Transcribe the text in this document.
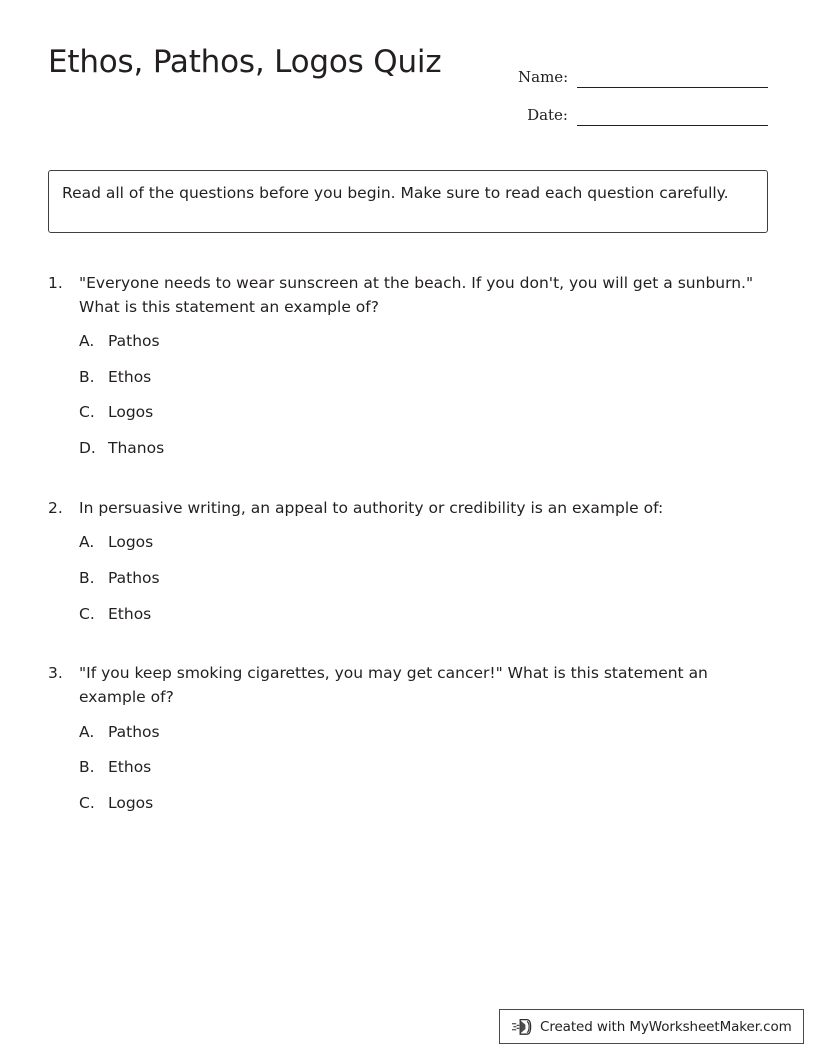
Ethos, Pathos, Logos Quiz	Name:
Date:
Read all of the questions before you begin. Make sure to read each question carefully.
1.	"Everyone needs to wear sunscreen at the beach. If you don't, you will get a sunburn." What is this statement an example of?
A. Pathos
B. Ethos
C. Logos
D. Thanos
2.	In persuasive writing, an appeal to authority or credibility is an example of:
A. Logos
B. Pathos
C. Ethos
3.	"If you keep smoking cigarettes, you may get cancer!" What is this statement an example of?
A. Pathos
B. Ethos
C. Logos
Created with MyWorksheetMaker.com
